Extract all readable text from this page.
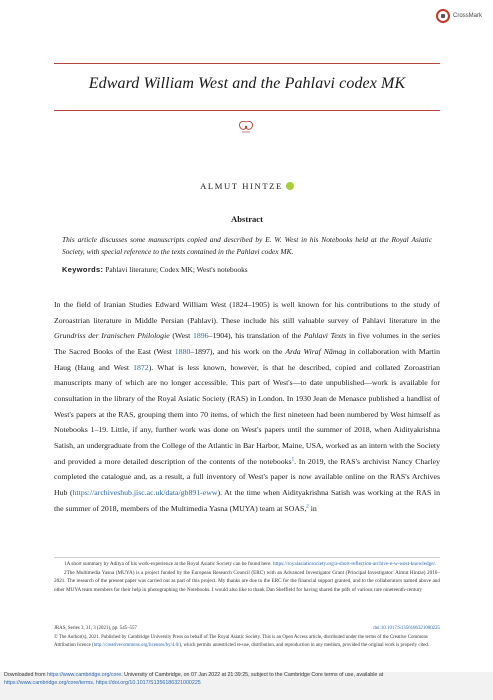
CrossMark
Edward William West and the Pahlavi codex MK
ALMUT HINTZE
Abstract
This article discusses some manuscripts copied and described by E. W. West in his Notebooks held at the Royal Asiatic Society, with special reference to the texts contained in the Pahlavi codex MK.
Keywords: Pahlavi literature; Codex MK; West's notebooks
In the field of Iranian Studies Edward William West (1824–1905) is well known for his contributions to the study of Zoroastrian literature in Middle Persian (Pahlavi). These include his still valuable survey of Pahlavi literature in the Grundriss der Iranischen Philologie (West 1896–1904), his translation of the Pahlavi Texts in five volumes in the series The Sacred Books of the East (West 1880–1897), and his work on the Arda Wiraf Nāmag in collaboration with Martin Haug (Haug and West 1872). What is less known, however, is that he described, copied and collated Zoroastrian manuscripts many of which are no longer accessible. This part of West's—to date unpublished—work is available for consultation in the library of the Royal Asiatic Society (RAS) in London. In 1930 Jean de Menasce published a handlist of West's papers at the RAS, grouping them into 70 items, of which the first nineteen had been numbered by West himself as Notebooks 1–19. Little, if any, further work was done on West's papers until the summer of 2018, when Aidityakrishna Satish, an undergraduate from the College of the Atlantic in Bar Harbor, Maine, USA, worked as an intern with the Society and provided a more detailed description of the contents of the notebooks$^1$. In 2019, the RAS's archivist Nancy Charley completed the catalogue and, as a result, a full inventory of West's paper is now available online on the RAS's Archives Hub (https://archiveshub.jisc.ac.uk/data/gb891-eww). At the time when Aidityakrishna Satish was working at the RAS in the summer of 2018, members of the Multimedia Yasna (MUYA) team at SOAS,$^2$ in

1A short summary by Aditya of his work-experience at the Royal Asiatic Society can be found here: https://royalasiaticsociety.org/a-short-reflection-archive-e-w-west-knowledge/.

2The Multimedia Yasna (MUYA) is a project funded by the European Research Council (ERC) with an Advanced Investigator Grant (Principal Investigator: Almut Hintze) 2016–2021. The research of the present paper was carried out as part of this project. My thanks are due to the ERC for the financial support granted, and to the collaborators named above and other MUYA team members for their help in photographing the Notebooks. I would also like to thank Dan Sheffield for having shared the pdfs of various rare nineteenth-century

JRAS, Series 3, 31, 3 (2021), pp. 545–557	doi:10.1017/S1356186321000225
© The Author(s), 2021. Published by Cambridge University Press on behalf of The Royal Asiatic Society. This is an Open Access article, distributed under the terms of the Creative Commons Attribution licence (http://creativecommons.org/licenses/by/4.0/), which permits unrestricted re-use, distribution, and reproduction in any medium, provided the original work is properly cited.

Downloaded from https://www.cambridge.org/core. University of Cambridge, on 07 Jan 2022 at 21:39:25, subject to the Cambridge Core terms of use, available at

https://www.cambridge.org/core/terms. https://doi.org/10.1017/S1356186321000225
